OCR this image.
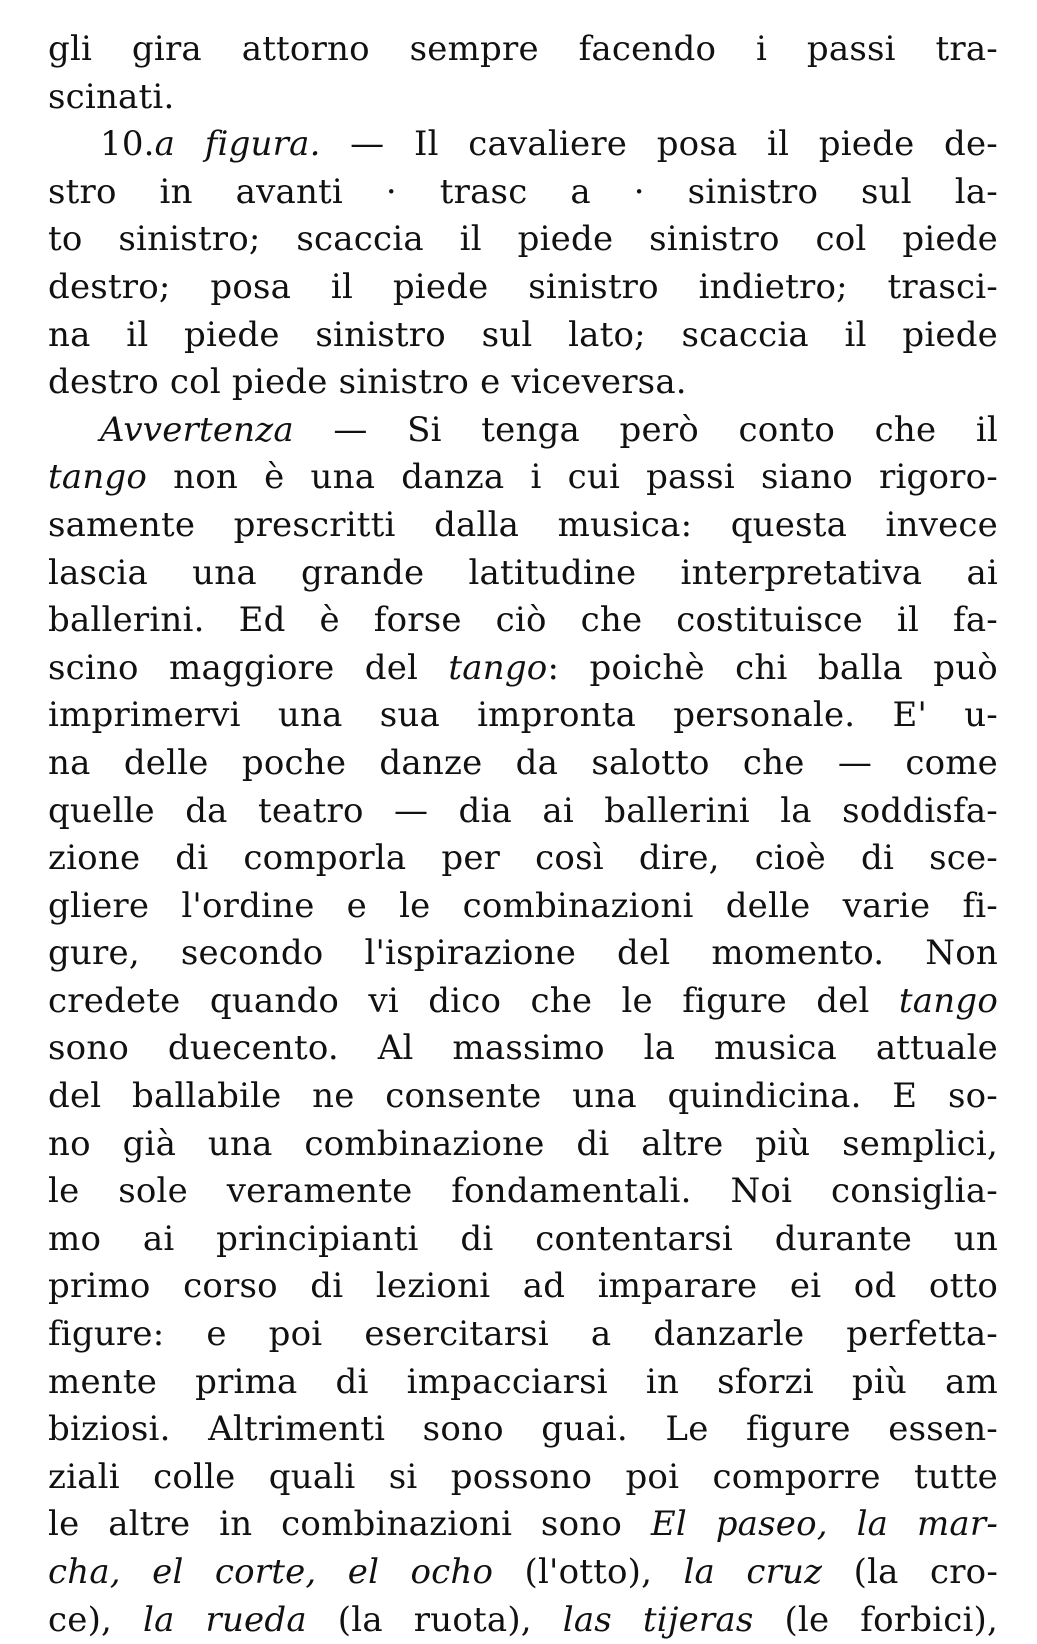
gli gira attorno sempre facendo i passi tra-
scinati.
10.a figura. — Il cavaliere posa il piede de-
stro in avanti · trasc a · sinistro sul la-
to sinistro; scaccia il piede sinistro col piede
destro; posa il piede sinistro indietro; trasci-
na il piede sinistro sul lato; scaccia il piede
destro col piede sinistro e viceversa.
Avvertenza — Si tenga però conto che il
tango non è una danza i cui passi siano rigoro-
samente prescritti dalla musica: questa invece
lascia una grande latitudine interpretativa ai
ballerini. Ed è forse ciò che costituisce il fa-
scino maggiore del tango: poichè chi balla può
imprimervi una sua impronta personale. E' u-
na delle poche danze da salotto che — come
quelle da teatro — dia ai ballerini la soddisfa-
zione di comporla per così dire, cioè di sce-
gliere l'ordine e le combinazioni delle varie fi-
gure, secondo l'ispirazione del momento. Non
credete quando vi dico che le figure del tango
sono duecento. Al massimo la musica attuale
del ballabile ne consente una quindicina. E so-
no già una combinazione di altre più semplici,
le sole veramente fondamentali. Noi consiglia-
mo ai principianti di contentarsi durante un
primo corso di lezioni ad imparare ei od otto
figure: e poi esercitarsi a danzarle perfetta-
mente prima di impacciarsi in sforzi più am
biziosi. Altrimenti sono guai. Le figure essen-
ziali colle quali si possono poi comporre tutte
le altre in combinazioni sono El paseo, la mar-
cha, el corte, el ocho (l'otto), la cruz (la cro-
ce), la rueda (la ruota), las tijeras (le forbici),
